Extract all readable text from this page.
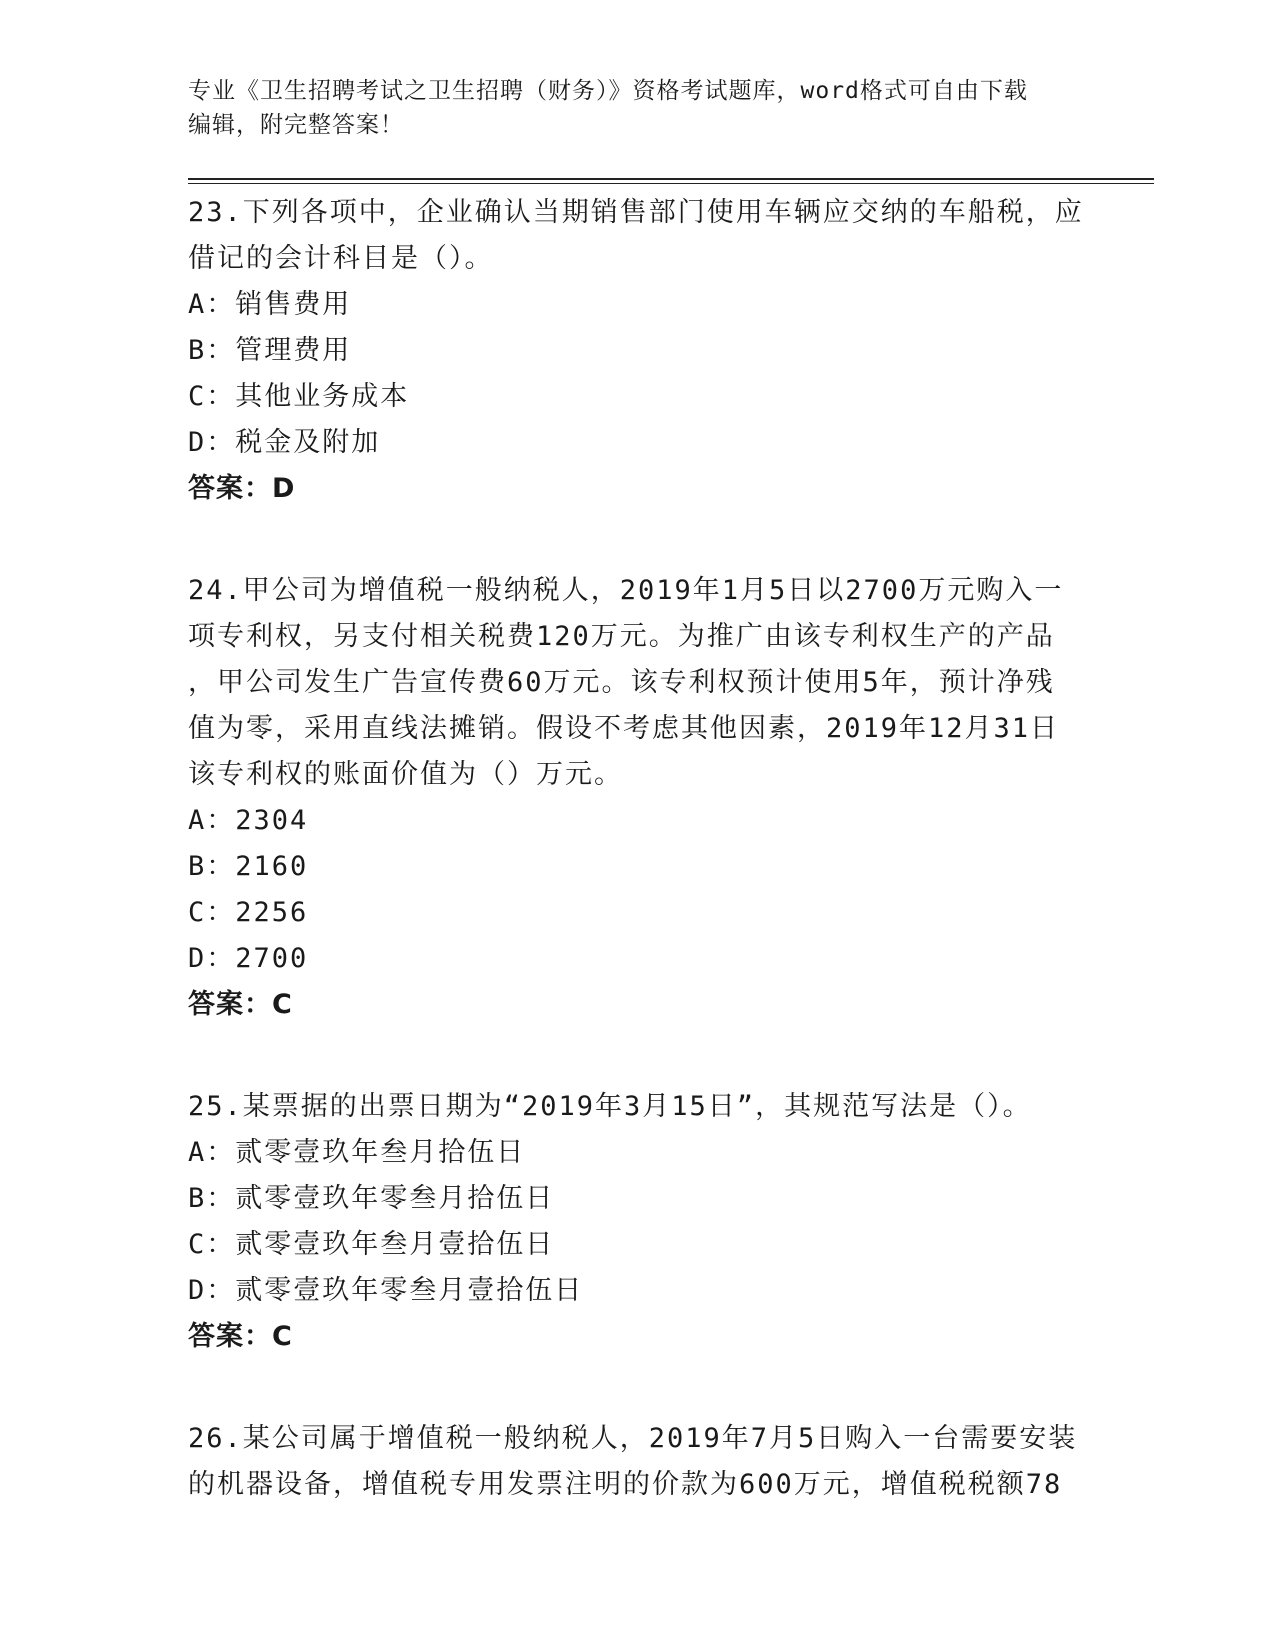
专业《卫生招聘考试之卫生招聘（财务）》资格考试题库，word格式可自由下载
编辑，附完整答案！
23.下列各项中，企业确认当期销售部门使用车辆应交纳的车船税，应
借记的会计科目是（）。
A：销售费用
B：管理费用
C：其他业务成本
D：税金及附加
答案：D
24.甲公司为增值税一般纳税人，2019年1月5日以2700万元购入一
项专利权，另支付相关税费120万元。为推广由该专利权生产的产品
，甲公司发生广告宣传费60万元。该专利权预计使用5年，预计净残
值为零，采用直线法摊销。假设不考虑其他因素，2019年12月31日
该专利权的账面价值为（）万元。
A：2304
B：2160
C：2256
D：2700
答案：C
25.某票据的出票日期为“2019年3月15日”，其规范写法是（）。
A：贰零壹玖年叁月拾伍日
B：贰零壹玖年零叁月拾伍日
C：贰零壹玖年叁月壹拾伍日
D：贰零壹玖年零叁月壹拾伍日
答案：C
26.某公司属于增值税一般纳税人，2019年7月5日购入一台需要安装
的机器设备，增值税专用发票注明的价款为600万元，增值税税额78
